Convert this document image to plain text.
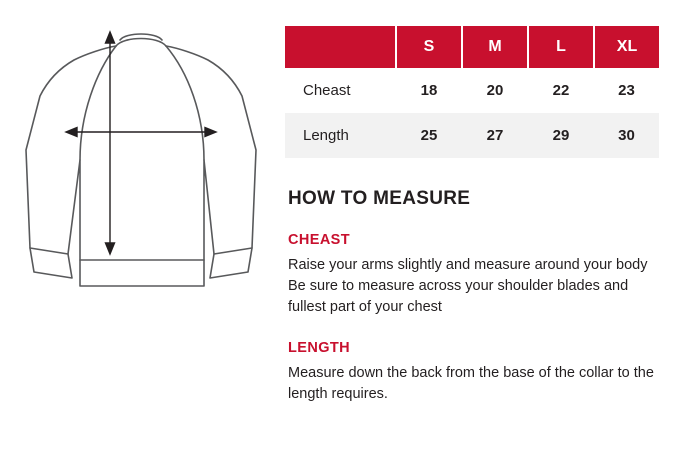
	S	M	L	XL
Cheast	18	20	22	23
Length	25	27	29	30
HOW TO MEASURE
CHEAST

Raise your arms slightly and measure around your body Be sure to measure across your shoulder blades and fullest part of your chest

LENGTH

Measure down the back from the base of the collar to the length requires.
